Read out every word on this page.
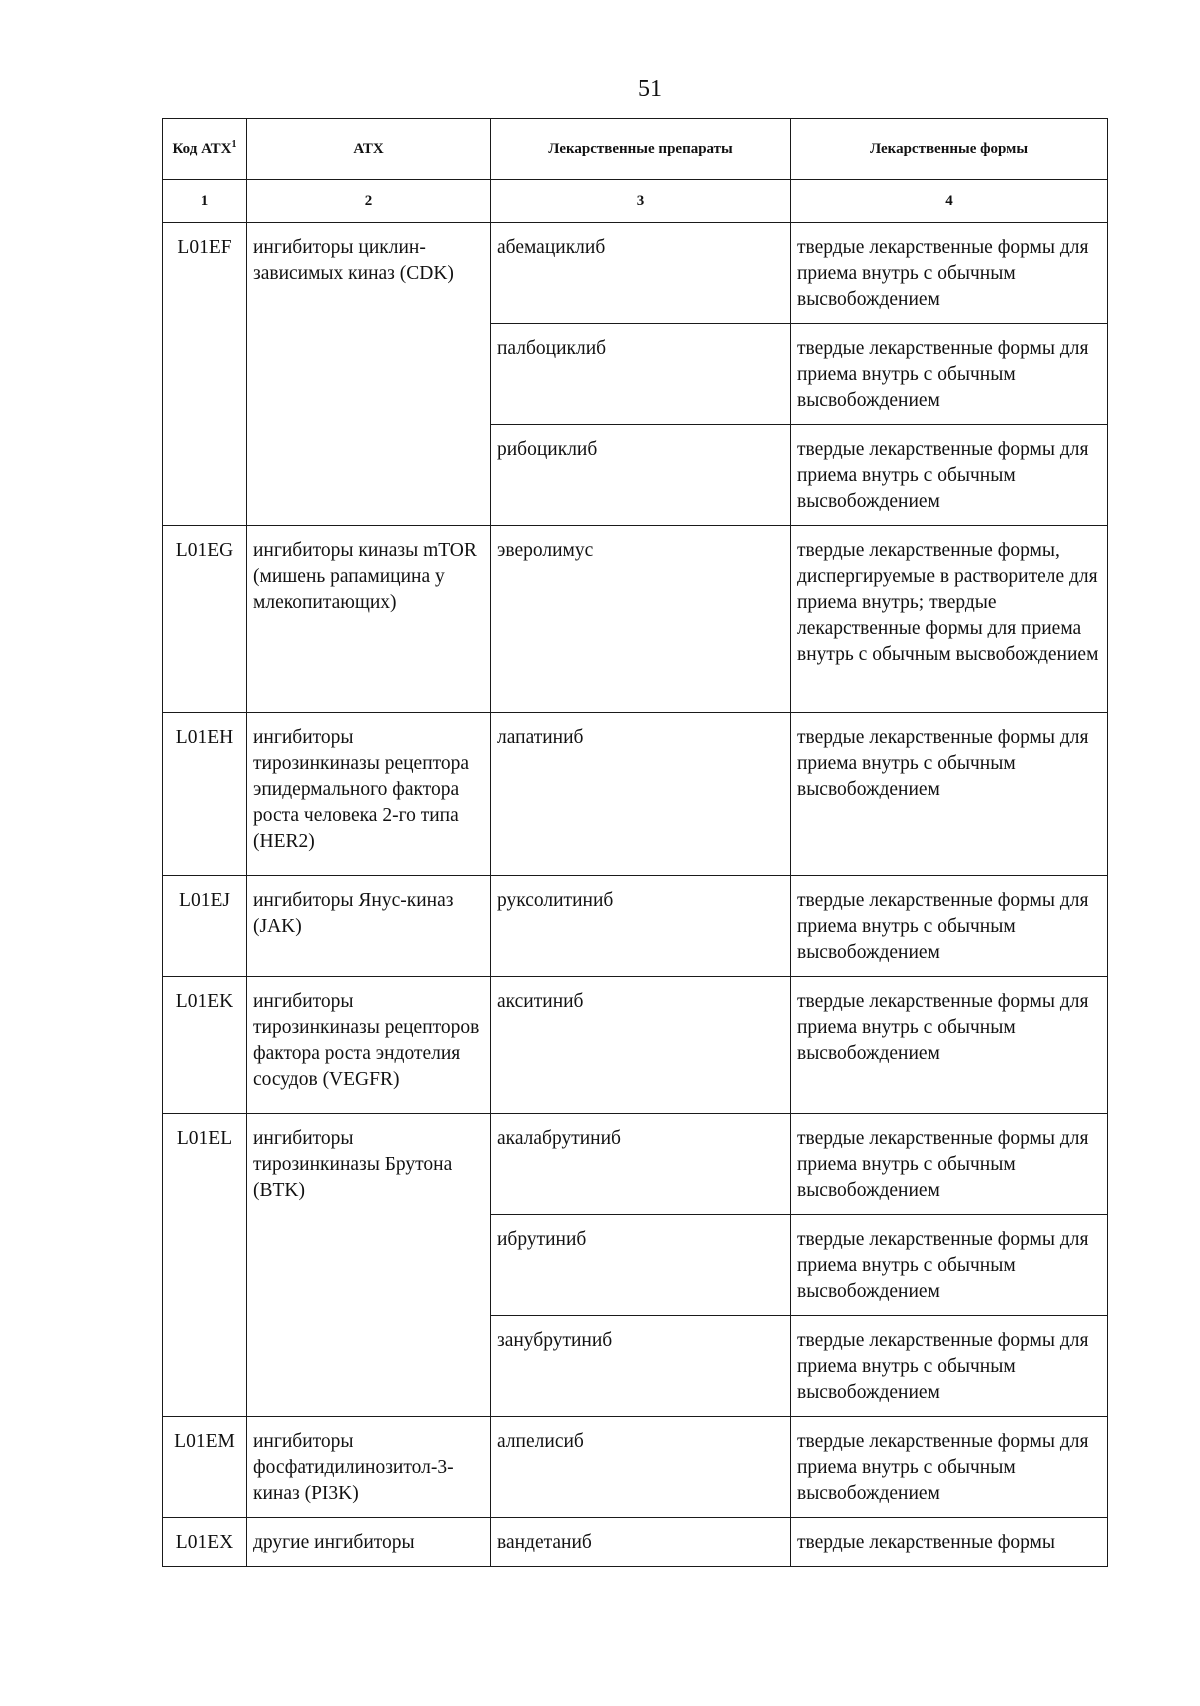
51
Код АТХ$^1$	АТХ	Лекарственные препараты	Лекарственные формы
1	2	3	4
L01EF	ингибиторы циклин-зависимых киназ (CDK)	абемациклиб	твердые лекарственные формы для приема внутрь с обычным высвобождением
		палбоциклиб	твердые лекарственные формы для приема внутрь с обычным высвобождением
		рибоциклиб	твердые лекарственные формы для приема внутрь с обычным высвобождением
L01EG	ингибиторы киназы mTOR (мишень рапамицина у млекопитающих)	эверолимус	твердые лекарственные формы, диспергируемые в растворителе для приема внутрь; твердые лекарственные формы для приема внутрь с обычным высвобождением
L01EH	ингибиторы тирозинкиназы рецептора эпидермального фактора роста человека 2-го типа (HER2)	лапатиниб	твердые лекарственные формы для приема внутрь с обычным высвобождением
L01EJ	ингибиторы Янус-киназ (JAK)	руксолитиниб	твердые лекарственные формы для приема внутрь с обычным высвобождением
L01EK	ингибиторы тирозинкиназы рецепторов фактора роста эндотелия сосудов (VEGFR)	акситиниб	твердые лекарственные формы для приема внутрь с обычным высвобождением
L01EL	ингибиторы тирозинкиназы Брутона (BTK)	акалабрутиниб	твердые лекарственные формы для приема внутрь с обычным высвобождением
		ибрутиниб	твердые лекарственные формы для приема внутрь с обычным высвобождением
		занубрутиниб	твердые лекарственные формы для приема внутрь с обычным высвобождением
L01EM	ингибиторы фосфатидилинозитол-3-киназ (PI3K)	алпелисиб	твердые лекарственные формы для приема внутрь с обычным высвобождением
L01EX	другие ингибиторы	вандетаниб	твердые лекарственные формы
